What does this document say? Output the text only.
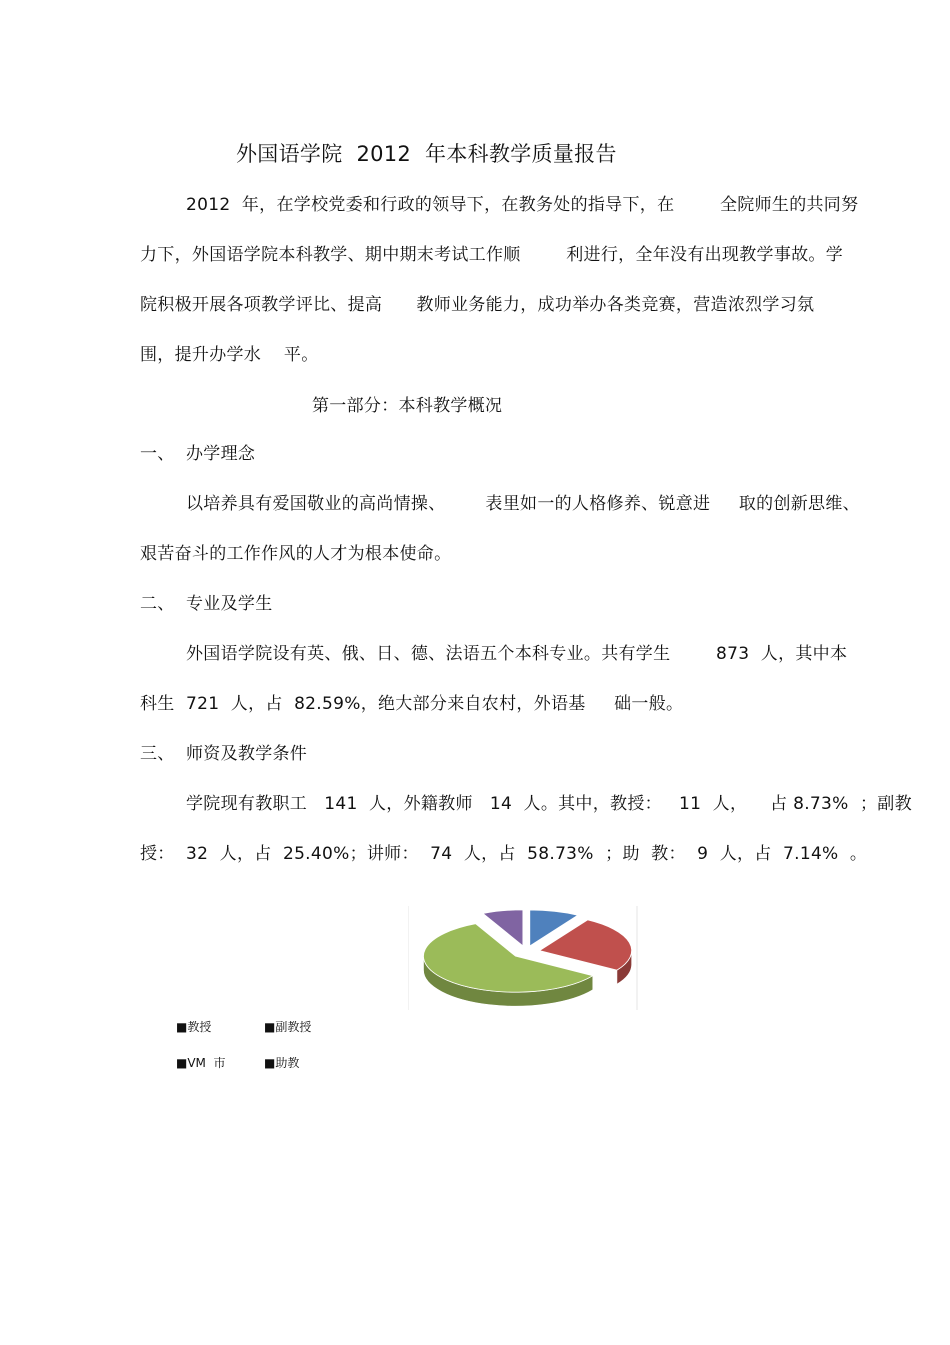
外国语学院  2012  年本科教学质量报告
2012  年，在学校党委和行政的领导下，在教务处的指导下，在        全院师生的共同努
力下，外国语学院本科教学、期中期末考试工作顺        利进行，全年没有出现教学事故。学
院积极开展各项教学评比、提高      教师业务能力，成功举办各类竞赛，营造浓烈学习氛
围，提升办学水    平。
第一部分：本科教学概况
一、  办学理念
以培养具有爱国敬业的高尚情操、       表里如一的人格修养、锐意进     取的创新思维、
艰苦奋斗的工作作风的人才为根本使命。
二、  专业及学生
外国语学院设有英、俄、日、德、法语五个本科专业。共有学生        873  人，其中本
科生  721  人，占  82.59%，绝大部分来自农村，外语基     础一般。
三、  师资及教学条件
学院现有教职工   141  人，外籍教师   14  人。其中，教授：   11  人，    占 8.73%  ；副教
授：  32  人，占  25.40%；讲师：  74  人，占  58.73%  ；助  教：  9  人，占  7.14%  。
■教授	■副教授
■VM  巿	■助教
